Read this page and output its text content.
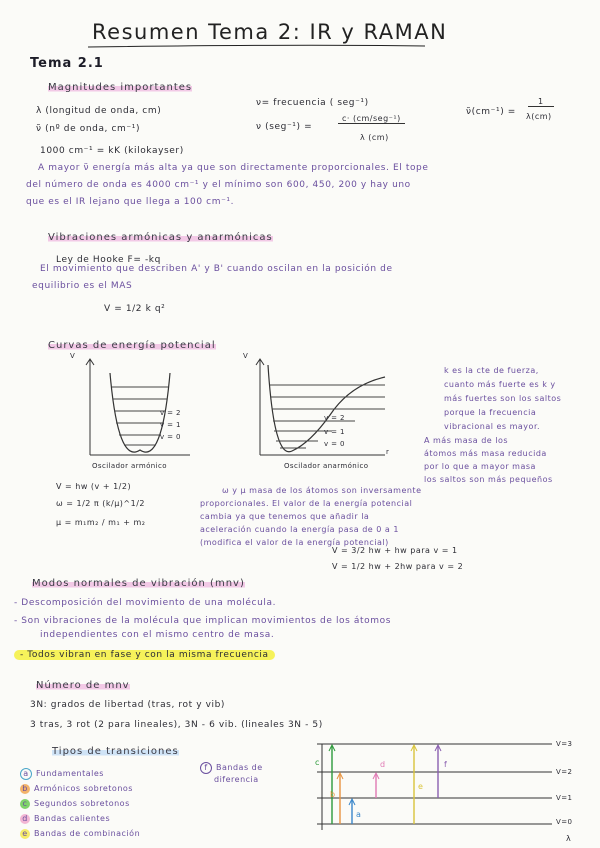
Resumen Tema 2: IR y RAMAN
Tema 2.1
Magnitudes importantes
λ (longitud de onda, cm)
ν̃ (nº de onda, cm⁻¹)
1000 cm⁻¹ = kK (kilokayser)
ν= frecuencia ( seg⁻¹)
ν (seg⁻¹) =
c· (cm/seg⁻¹)
λ (cm)
ν̃(cm⁻¹) =
1
λ(cm)
A mayor ν̃ energía más alta ya que son directamente proporcionales. El tope
del número de onda es 4000 cm⁻¹ y el mínimo son 600, 450, 200 y hay uno
que es el IR lejano que llega a 100 cm⁻¹.
Vibraciones armónicas y anarmónicas
Ley de Hooke F= -kq
El movimiento que describen A' y B' cuando oscilan en la posición de
equilibrio es el MAS
V = 1/2 k q²
Curvas de energía potencial
V
v = 2
v = 1
v = 0
Oscilador armónico
V
r
v = 2
v = 1
v = 0
Oscilador anarmónico
k es la cte de fuerza,
cuanto más fuerte es k y
más fuertes son los saltos
porque la frecuencia
vibracional es mayor.
A más masa de los
átomos más masa reducida
por lo que a mayor masa
los saltos son más pequeños
V = hw (v + 1/2)
ω = 1/2 π (k/μ)^1/2
μ = m₁m₂ / m₁ + m₂
ω y μ masa de los átomos son inversamente
proporcionales. El valor de la energía potencial
cambia ya que tenemos que añadir la
aceleración cuando la energía pasa de 0 a 1
(modifica el valor de la energía potencial)
V = 3/2 hw + hw para v = 1
V = 1/2 hw + 2hw para v = 2
Modos normales de vibración (mnv)
- Descomposición del movimiento de una molécula.
- Son vibraciones de la molécula que implican movimientos de los átomos
independientes con el mismo centro de masa.
- Todos vibran en fase y con la misma frecuencia
Número de mnv
3N: grados de libertad (tras, rot y vib)
3 tras, 3 rot (2 para lineales), 3N - 6 vib. (lineales 3N - 5)
Tipos de transiciones
a Fundamentales
b Armónicos sobretonos
c Segundos sobretonos
d Bandas calientes
e Bandas de combinación
f Bandas de
diferencia
c
b
a
d
e
f
V=3
V=2
V=1
V=0
λ
